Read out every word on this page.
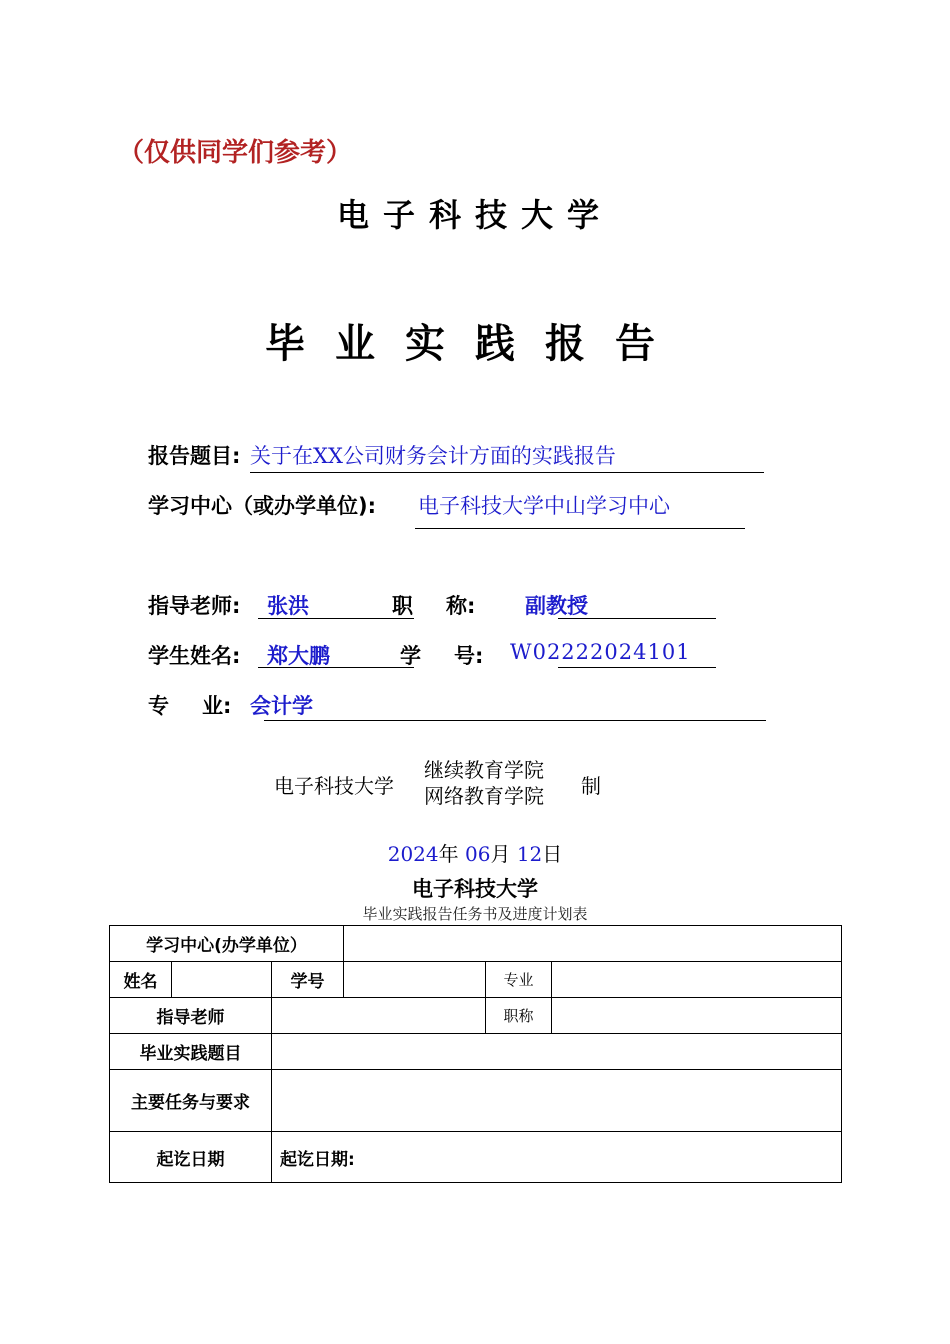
（仅供同学们参考）
电子科技大学
毕业实践报告
报告题目: 关于在XX公司财务会计方面的实践报告
学习中心（或办学单位): 电子科技大学中山学习中心
指导老师: 张洪	职 称: 副教授
学生姓名: 郑大鹏	学 号: W02222024101
专 业: 会计学
电子科技大学
继续教育学院
网络教育学院 制
2024年 06月 12日
电子科技大学
毕业实践报告任务书及进度计划表
学习中心(办学单位）					
姓名		学号		专业	
指导老师				职称	
毕业实践题目					
主要任务与要求					
起讫日期		起讫日期:			
